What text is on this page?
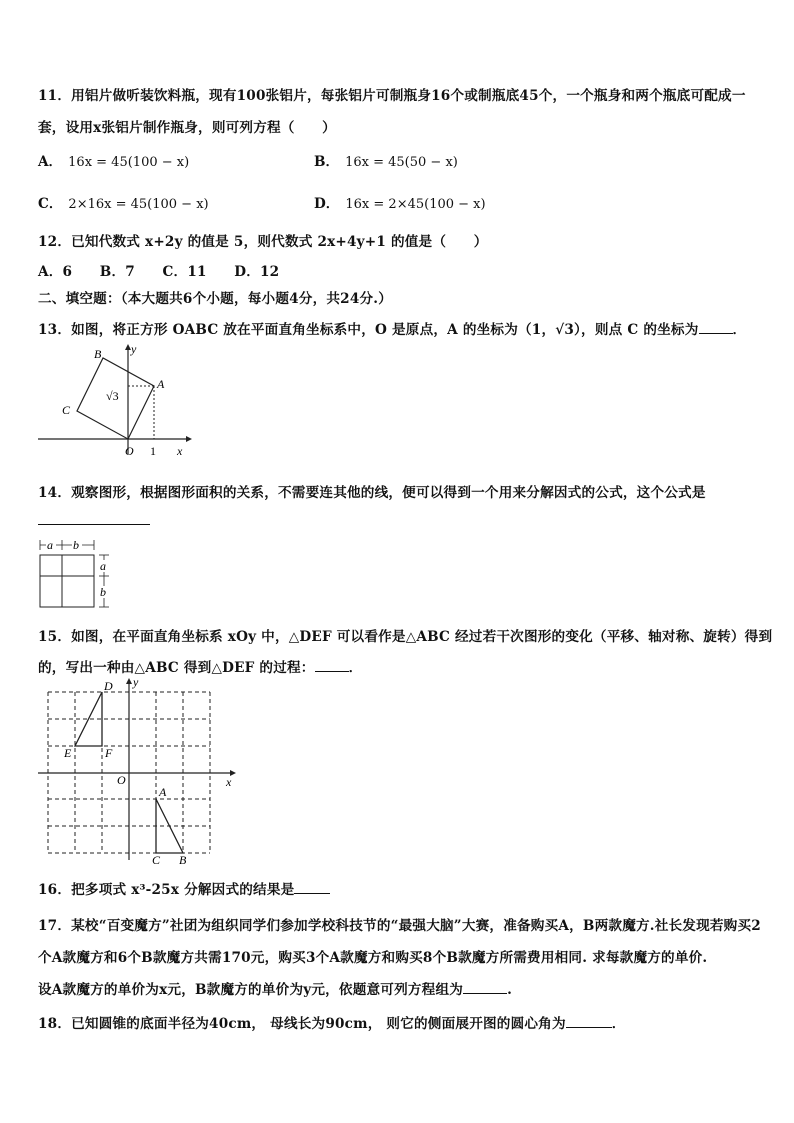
11．用铝片做听装饮料瓶，现有100张铝片，每张铝片可制瓶身16个或制瓶底45个，一个瓶身和两个瓶底可配成一
套，设用x张铝片制作瓶身，则可列方程（　　）
A． 16x = 45(100 − x)	B． 16x = 45(50 − x)
C． 2×16x = 45(100 − x)	D． 16x = 2×45(100 − x)
12．已知代数式 x+2y 的值是 5，则代数式 2x+4y+1 的值是（　　）
A．6　　B．7　　C．11　　D．12
二、填空题：（本大题共6个小题，每小题4分，共24分.）
13．如图，将正方形 OABC 放在平面直角坐标系中，O 是原点，A 的坐标为（1，√3），则点 C 的坐标为	．
B
C
A
O
y
x
1
√3
14．观察图形，根据图形面积的关系，不需要连其他的线，便可以得到一个用来分解因式的公式，这个公式是
a b
a
b
15．如图，在平面直角坐标系 xOy 中，△DEF 可以看作是△ABC 经过若干次图形的变化（平移、轴对称、旋转）得到
的，写出一种由△ABC 得到△DEF 的过程：	．
D
E	F
O
A
C B
x
y
16．把多项式 x³-25x 分解因式的结果是
17．某校“百变魔方”社团为组织同学们参加学校科技节的“最强大脑”大赛，准备购买A，B两款魔方.社长发现若购买2
个A款魔方和6个B款魔方共需170元，购买3个A款魔方和购买8个B款魔方所需费用相同. 求每款魔方的单价.
设A款魔方的单价为x元，B款魔方的单价为y元，依题意可列方程组为	.
18．已知圆锥的底面半径为40cm， 母线长为90cm， 则它的侧面展开图的圆心角为	．
